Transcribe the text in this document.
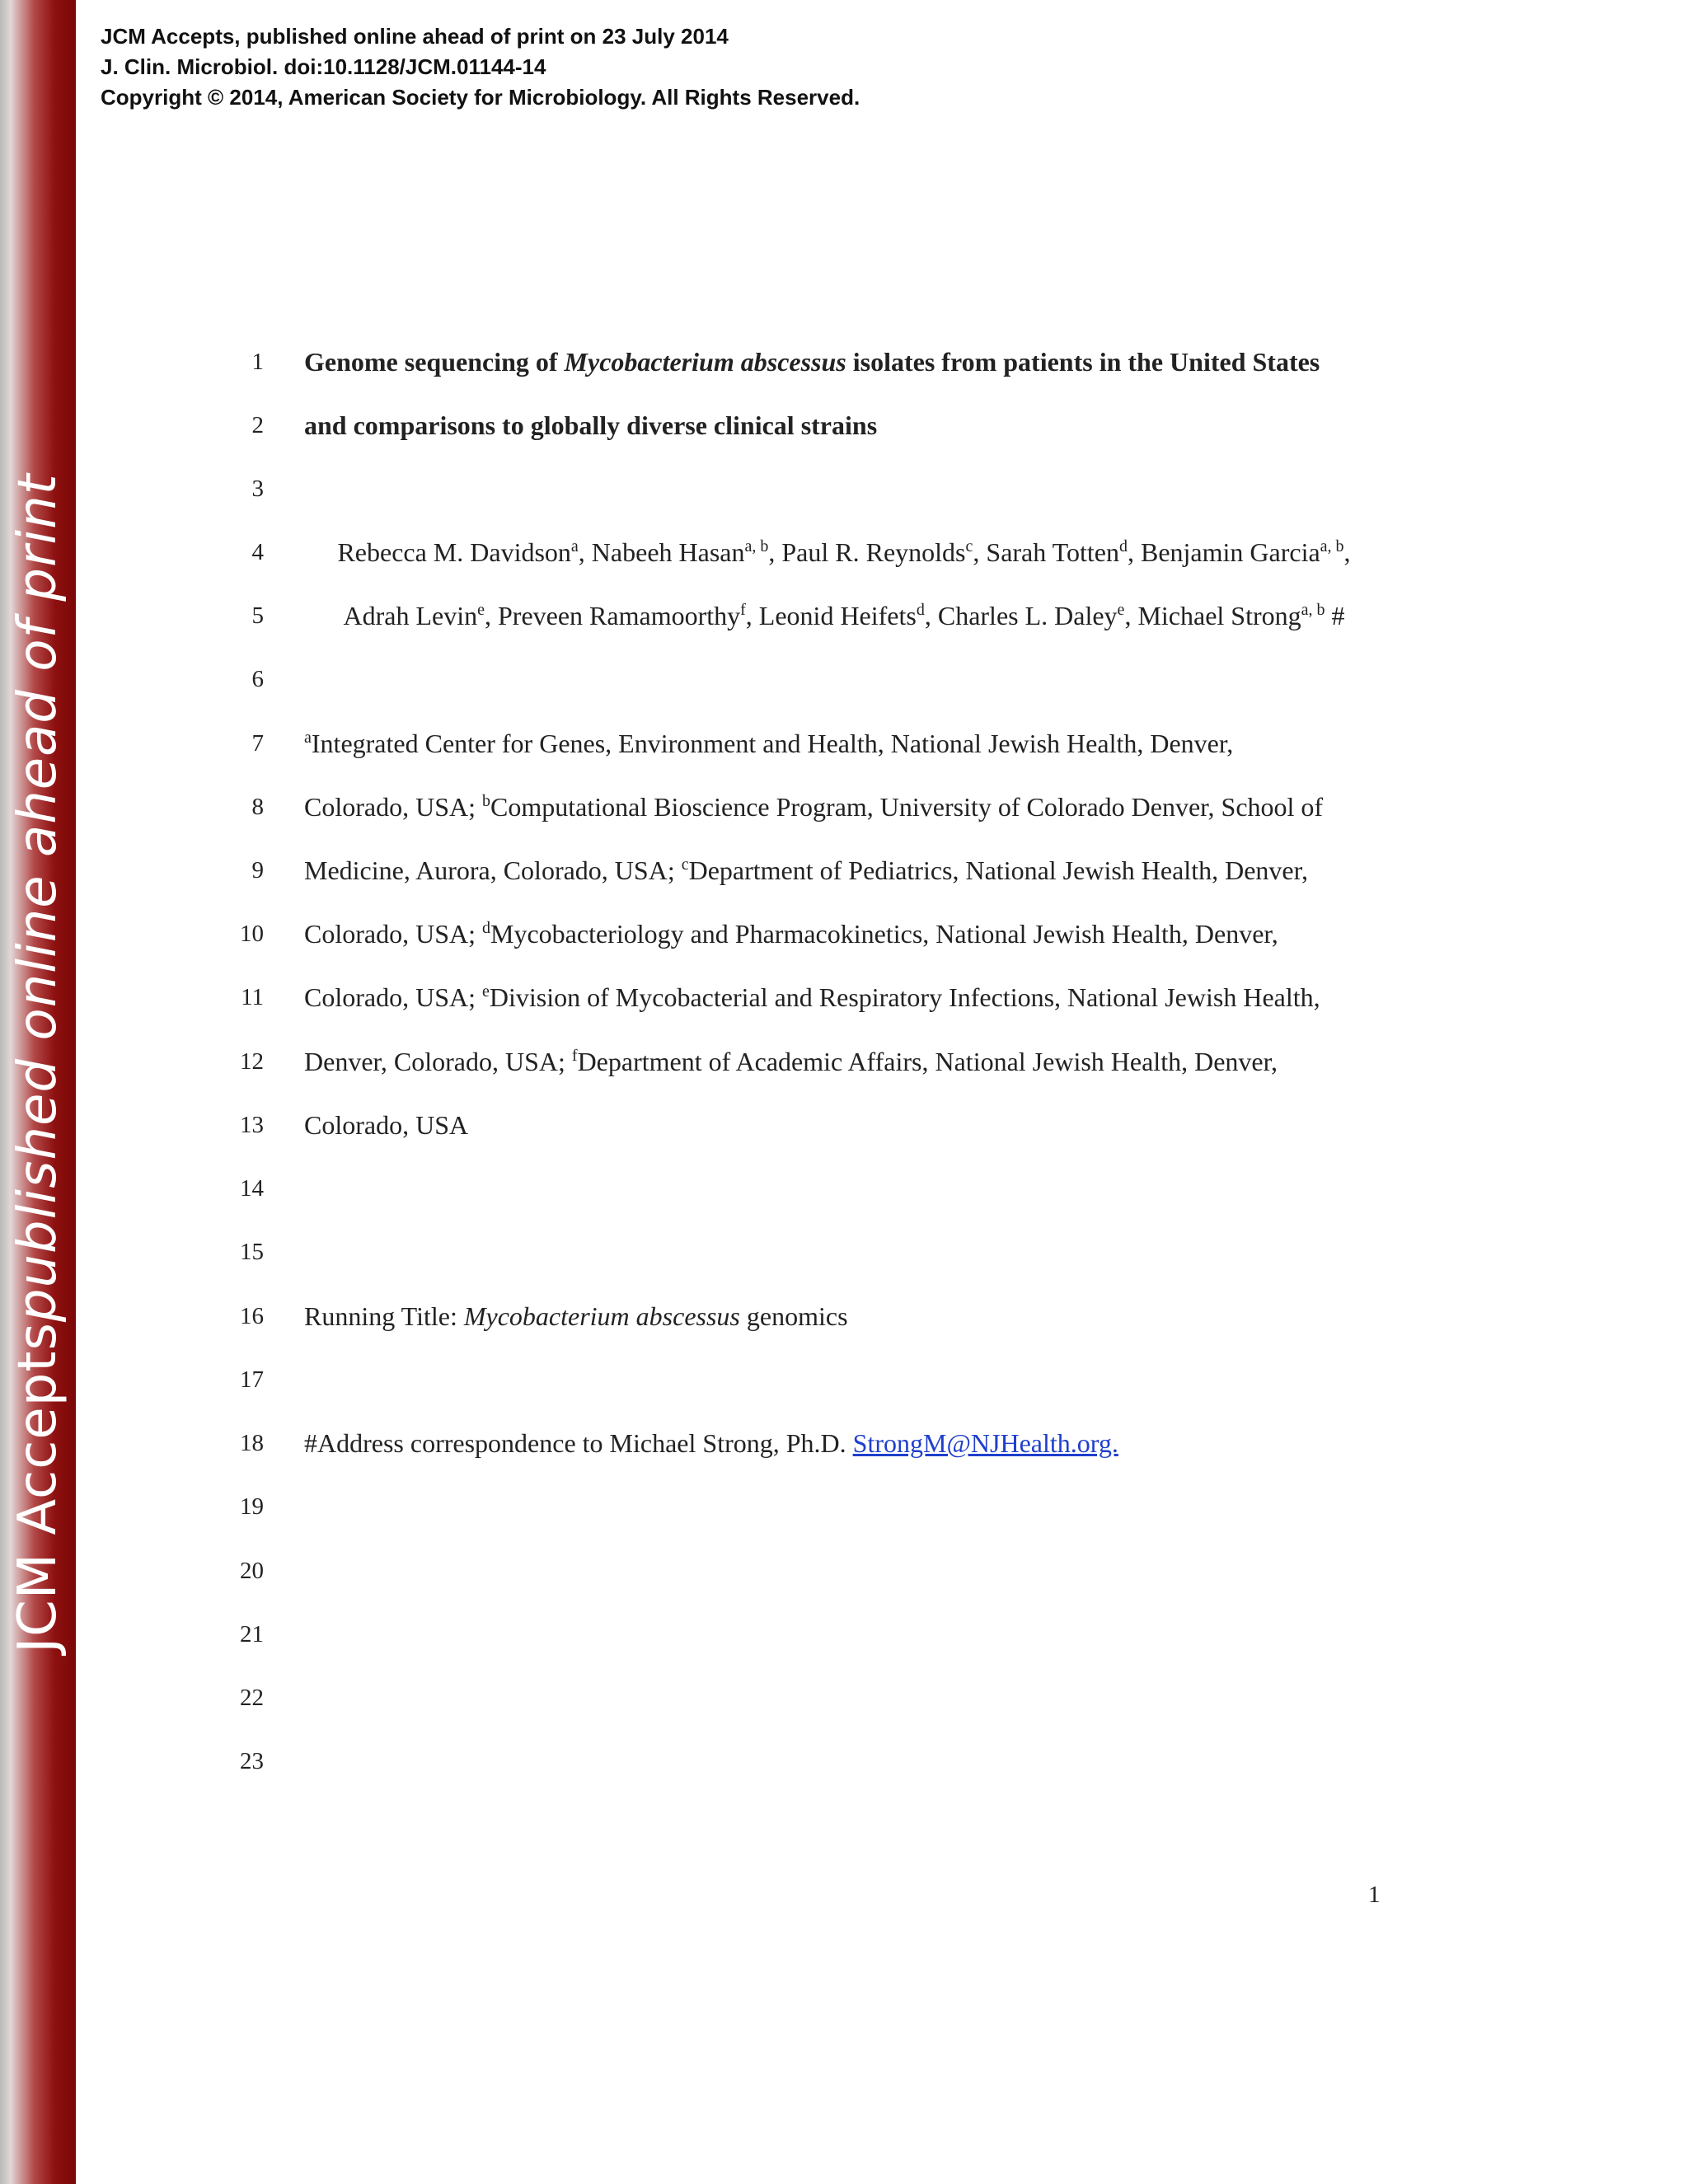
JCM Accepts
published online ahead of print
JCM Accepts, published online ahead of print on 23 July 2014
J. Clin. Microbiol. doi:10.1128/JCM.01144-14
Copyright © 2014, American Society for Microbiology. All Rights Reserved.
1 Genome sequencing of Mycobacterium abscessus isolates from patients in the United States
2 and comparisons to globally diverse clinical strains
3
4	Rebecca M. Davidson$^a$, Nabeeh Hasan$^{a, b}$, Paul R. Reynolds$^c$, Sarah Totten$^d$, Benjamin Garcia$^{a, b}$,
5	Adrah Levin$^e$, Preveen Ramamoorthy$^f$, Leonid Heifets$^d$, Charles L. Daley$^e$, Michael Strong$^{a, b}$ #
6
7 $^a$Integrated Center for Genes, Environment and Health, National Jewish Health, Denver,
8 Colorado, USA; $^b$Computational Bioscience Program, University of Colorado Denver, School of
9 Medicine, Aurora, Colorado, USA; $^c$Department of Pediatrics, National Jewish Health, Denver,
10 Colorado, USA; $^d$Mycobacteriology and Pharmacokinetics, National Jewish Health, Denver,
11 Colorado, USA; $^e$Division of Mycobacterial and Respiratory Infections, National Jewish Health,
12 Denver, Colorado, USA; $^f$Department of Academic Affairs, National Jewish Health, Denver,
13 Colorado, USA
14
15
16 Running Title: Mycobacterium abscessus genomics
17
18 #Address correspondence to Michael Strong, Ph.D. StrongM@NJHealth.org.
19
20
21
22
23
1
